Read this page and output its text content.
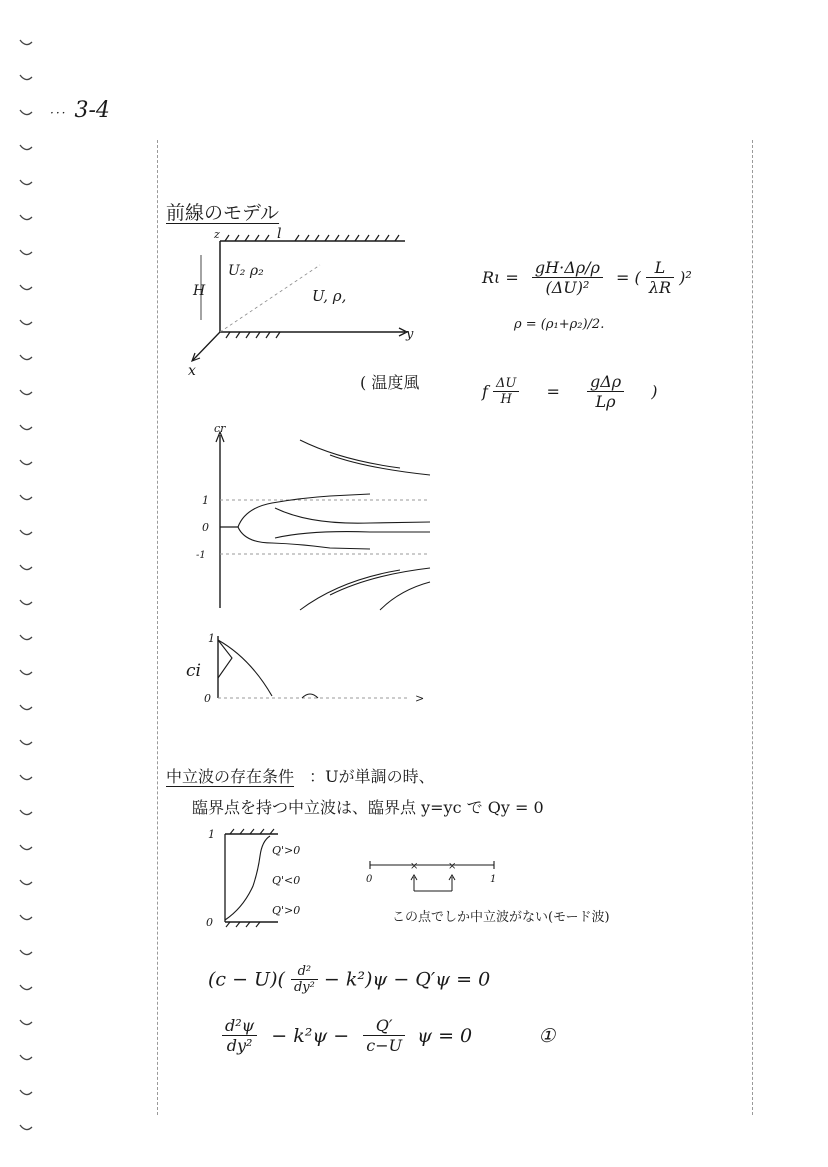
··· 3-4
前線のモデル
z	l
H
U₂ ρ₂
U, ρ,
y
x
$R\iota = \frac{gH\cdot\Delta\rho/\rho}{\text{(ΔU)²}}$ = ( $\frac{L}{\lambda R} )^2$
ρ = (ρ₁+ρ₂)/2.
( 温度風	f $\frac{\Delta U}{H} = \frac{\text{gΔρ}}{L\rho}$ )
cr
1
0
-1
1
ci
0	>
中立波の存在条件 ：Uが単調の時、
臨界点を持つ中立波は、臨界点 y=yc で Qy = 0
1
0
Q'>0
Q'<0
Q'>0
×	×
0	1
この点でしか中立波がない(モード波)
$(c - U)( \frac{\text{d²}}{\text{dy²}} - k^2)\psi - Q'\psi = 0$
$\frac{\text{d²ψ}}{\text{dy²}} - k^2\psi - \frac{Q'}{c-U}$ ψ = 0	①
